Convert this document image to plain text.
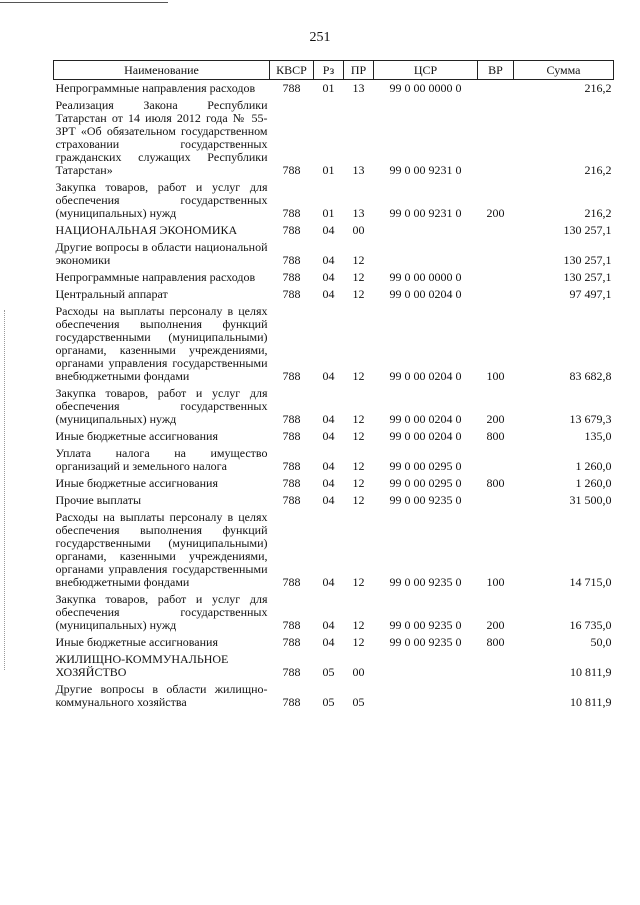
251
Наименование	КВСР	Рз	ПР	ЦСР	ВР	Сумма
Непрограммные направления расходов	788	01	13	99 0 00 0000 0		216,2
Реализация Закона Республики Татарстан от 14 июля 2012 года № 55-ЗРТ «Об обязательном государственном страховании государственных гражданских служащих Республики Татарстан»	788	01	13	99 0 00 9231 0		216,2
Закупка товаров, работ и услуг для обеспечения государственных (муниципальных) нужд	788	01	13	99 0 00 9231 0	200	216,2
НАЦИОНАЛЬНАЯ ЭКОНОМИКА	788	04	00			130 257,1
Другие вопросы в области национальной экономики	788	04	12			130 257,1
Непрограммные направления расходов	788	04	12	99 0 00 0000 0		130 257,1
Центральный аппарат	788	04	12	99 0 00 0204 0		97 497,1
Расходы на выплаты персоналу в целях обеспечения выполнения функций государственными (муниципальными) органами, казенными учреждениями, органами управления государственными внебюджетными фондами	788	04	12	99 0 00 0204 0	100	83 682,8
Закупка товаров, работ и услуг для обеспечения государственных (муниципальных) нужд	788	04	12	99 0 00 0204 0	200	13 679,3
Иные бюджетные ассигнования	788	04	12	99 0 00 0204 0	800	135,0
Уплата налога на имущество организаций и земельного налога	788	04	12	99 0 00 0295 0		1 260,0
Иные бюджетные ассигнования	788	04	12	99 0 00 0295 0	800	1 260,0
Прочие выплаты	788	04	12	99 0 00 9235 0		31 500,0
Расходы на выплаты персоналу в целях обеспечения выполнения функций государственными (муниципальными) органами, казенными учреждениями, органами управления государственными внебюджетными фондами	788	04	12	99 0 00 9235 0	100	14 715,0
Закупка товаров, работ и услуг для обеспечения государственных (муниципальных) нужд	788	04	12	99 0 00 9235 0	200	16 735,0
Иные бюджетные ассигнования	788	04	12	99 0 00 9235 0	800	50,0
ЖИЛИЩНО-КОММУНАЛЬНОЕ ХОЗЯЙСТВО	788	05	00			10 811,9
Другие вопросы в области жилищно-коммунального хозяйства	788	05	05			10 811,9
